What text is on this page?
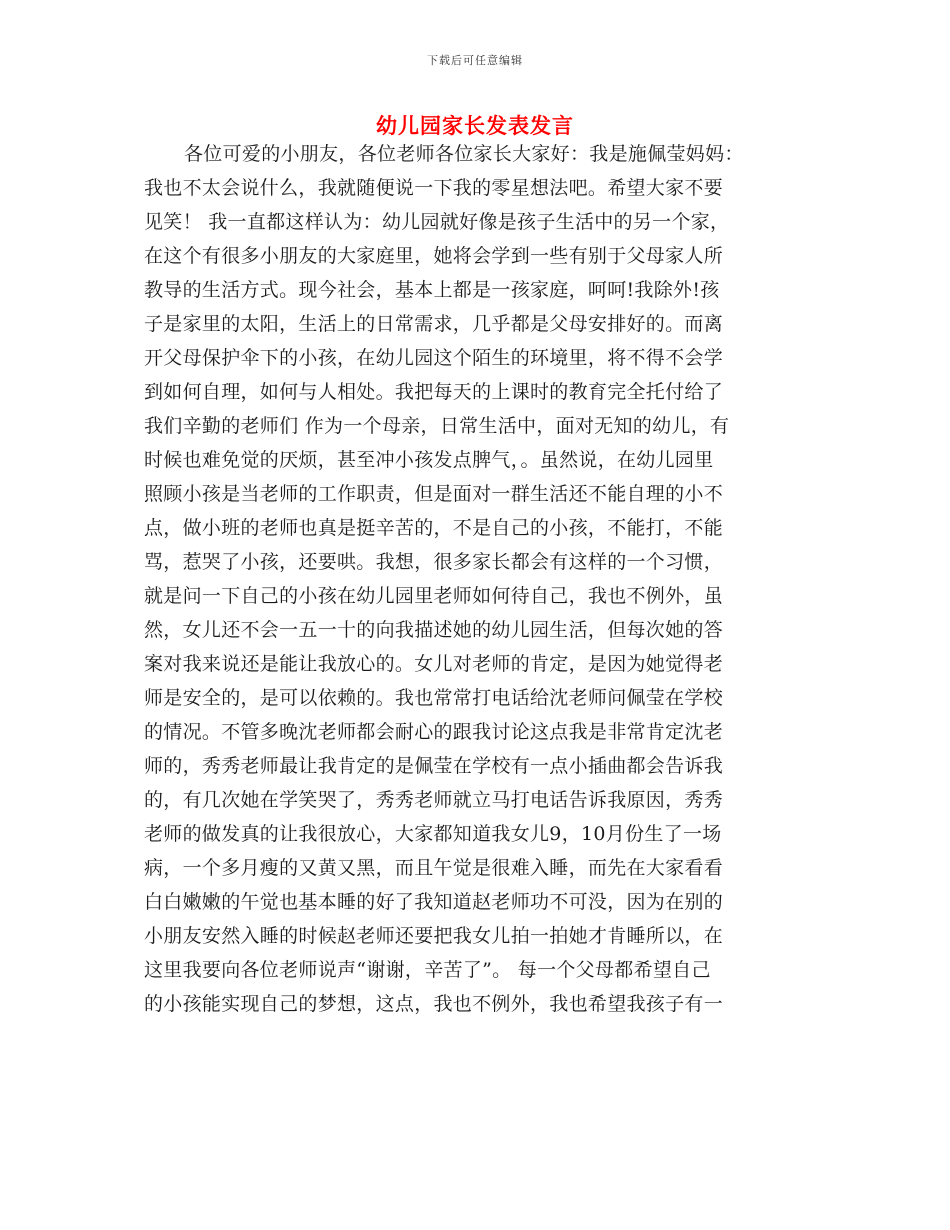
下载后可任意编辑
幼儿园家长发表发言
各位可爱的小朋友，各位老师各位家长大家好：我是施佩莹妈妈：
我也不太会说什么，我就随便说一下我的零星想法吧。希望大家不要
见笑！ 我一直都这样认为：幼儿园就好像是孩子生活中的另一个家，
在这个有很多小朋友的大家庭里，她将会学到一些有别于父母家人所
教导的生活方式。现今社会，基本上都是一孩家庭，呵呵!我除外!孩
子是家里的太阳，生活上的日常需求，几乎都是父母安排好的。而离
开父母保护伞下的小孩，在幼儿园这个陌生的环境里，将不得不会学
到如何自理，如何与人相处。我把每天的上课时的教育完全托付给了
我们辛勤的老师们 作为一个母亲，日常生活中，面对无知的幼儿，有
时候也难免觉的厌烦，甚至冲小孩发点脾气，。虽然说，在幼儿园里
照顾小孩是当老师的工作职责，但是面对一群生活还不能自理的小不
点，做小班的老师也真是挺辛苦的，不是自己的小孩，不能打，不能
骂，惹哭了小孩，还要哄。我想，很多家长都会有这样的一个习惯，
就是问一下自己的小孩在幼儿园里老师如何待自己，我也不例外，虽
然，女儿还不会一五一十的向我描述她的幼儿园生活，但每次她的答
案对我来说还是能让我放心的。女儿对老师的肯定，是因为她觉得老
师是安全的，是可以依赖的。我也常常打电话给沈老师问佩莹在学校
的情况。不管多晚沈老师都会耐心的跟我讨论这点我是非常肯定沈老
师的，秀秀老师最让我肯定的是佩莹在学校有一点小插曲都会告诉我
的，有几次她在学笑哭了，秀秀老师就立马打电话告诉我原因，秀秀
老师的做发真的让我很放心，大家都知道我女儿9，10月份生了一场
病，一个多月瘦的又黄又黑，而且午觉是很难入睡，而先在大家看看
白白嫩嫩的午觉也基本睡的好了我知道赵老师功不可没，因为在别的
小朋友安然入睡的时候赵老师还要把我女儿拍一拍她才肯睡所以，在
这里我要向各位老师说声“谢谢，辛苦了”。 每一个父母都希望自己
的小孩能实现自己的梦想，这点，我也不例外，我也希望我孩子有一
